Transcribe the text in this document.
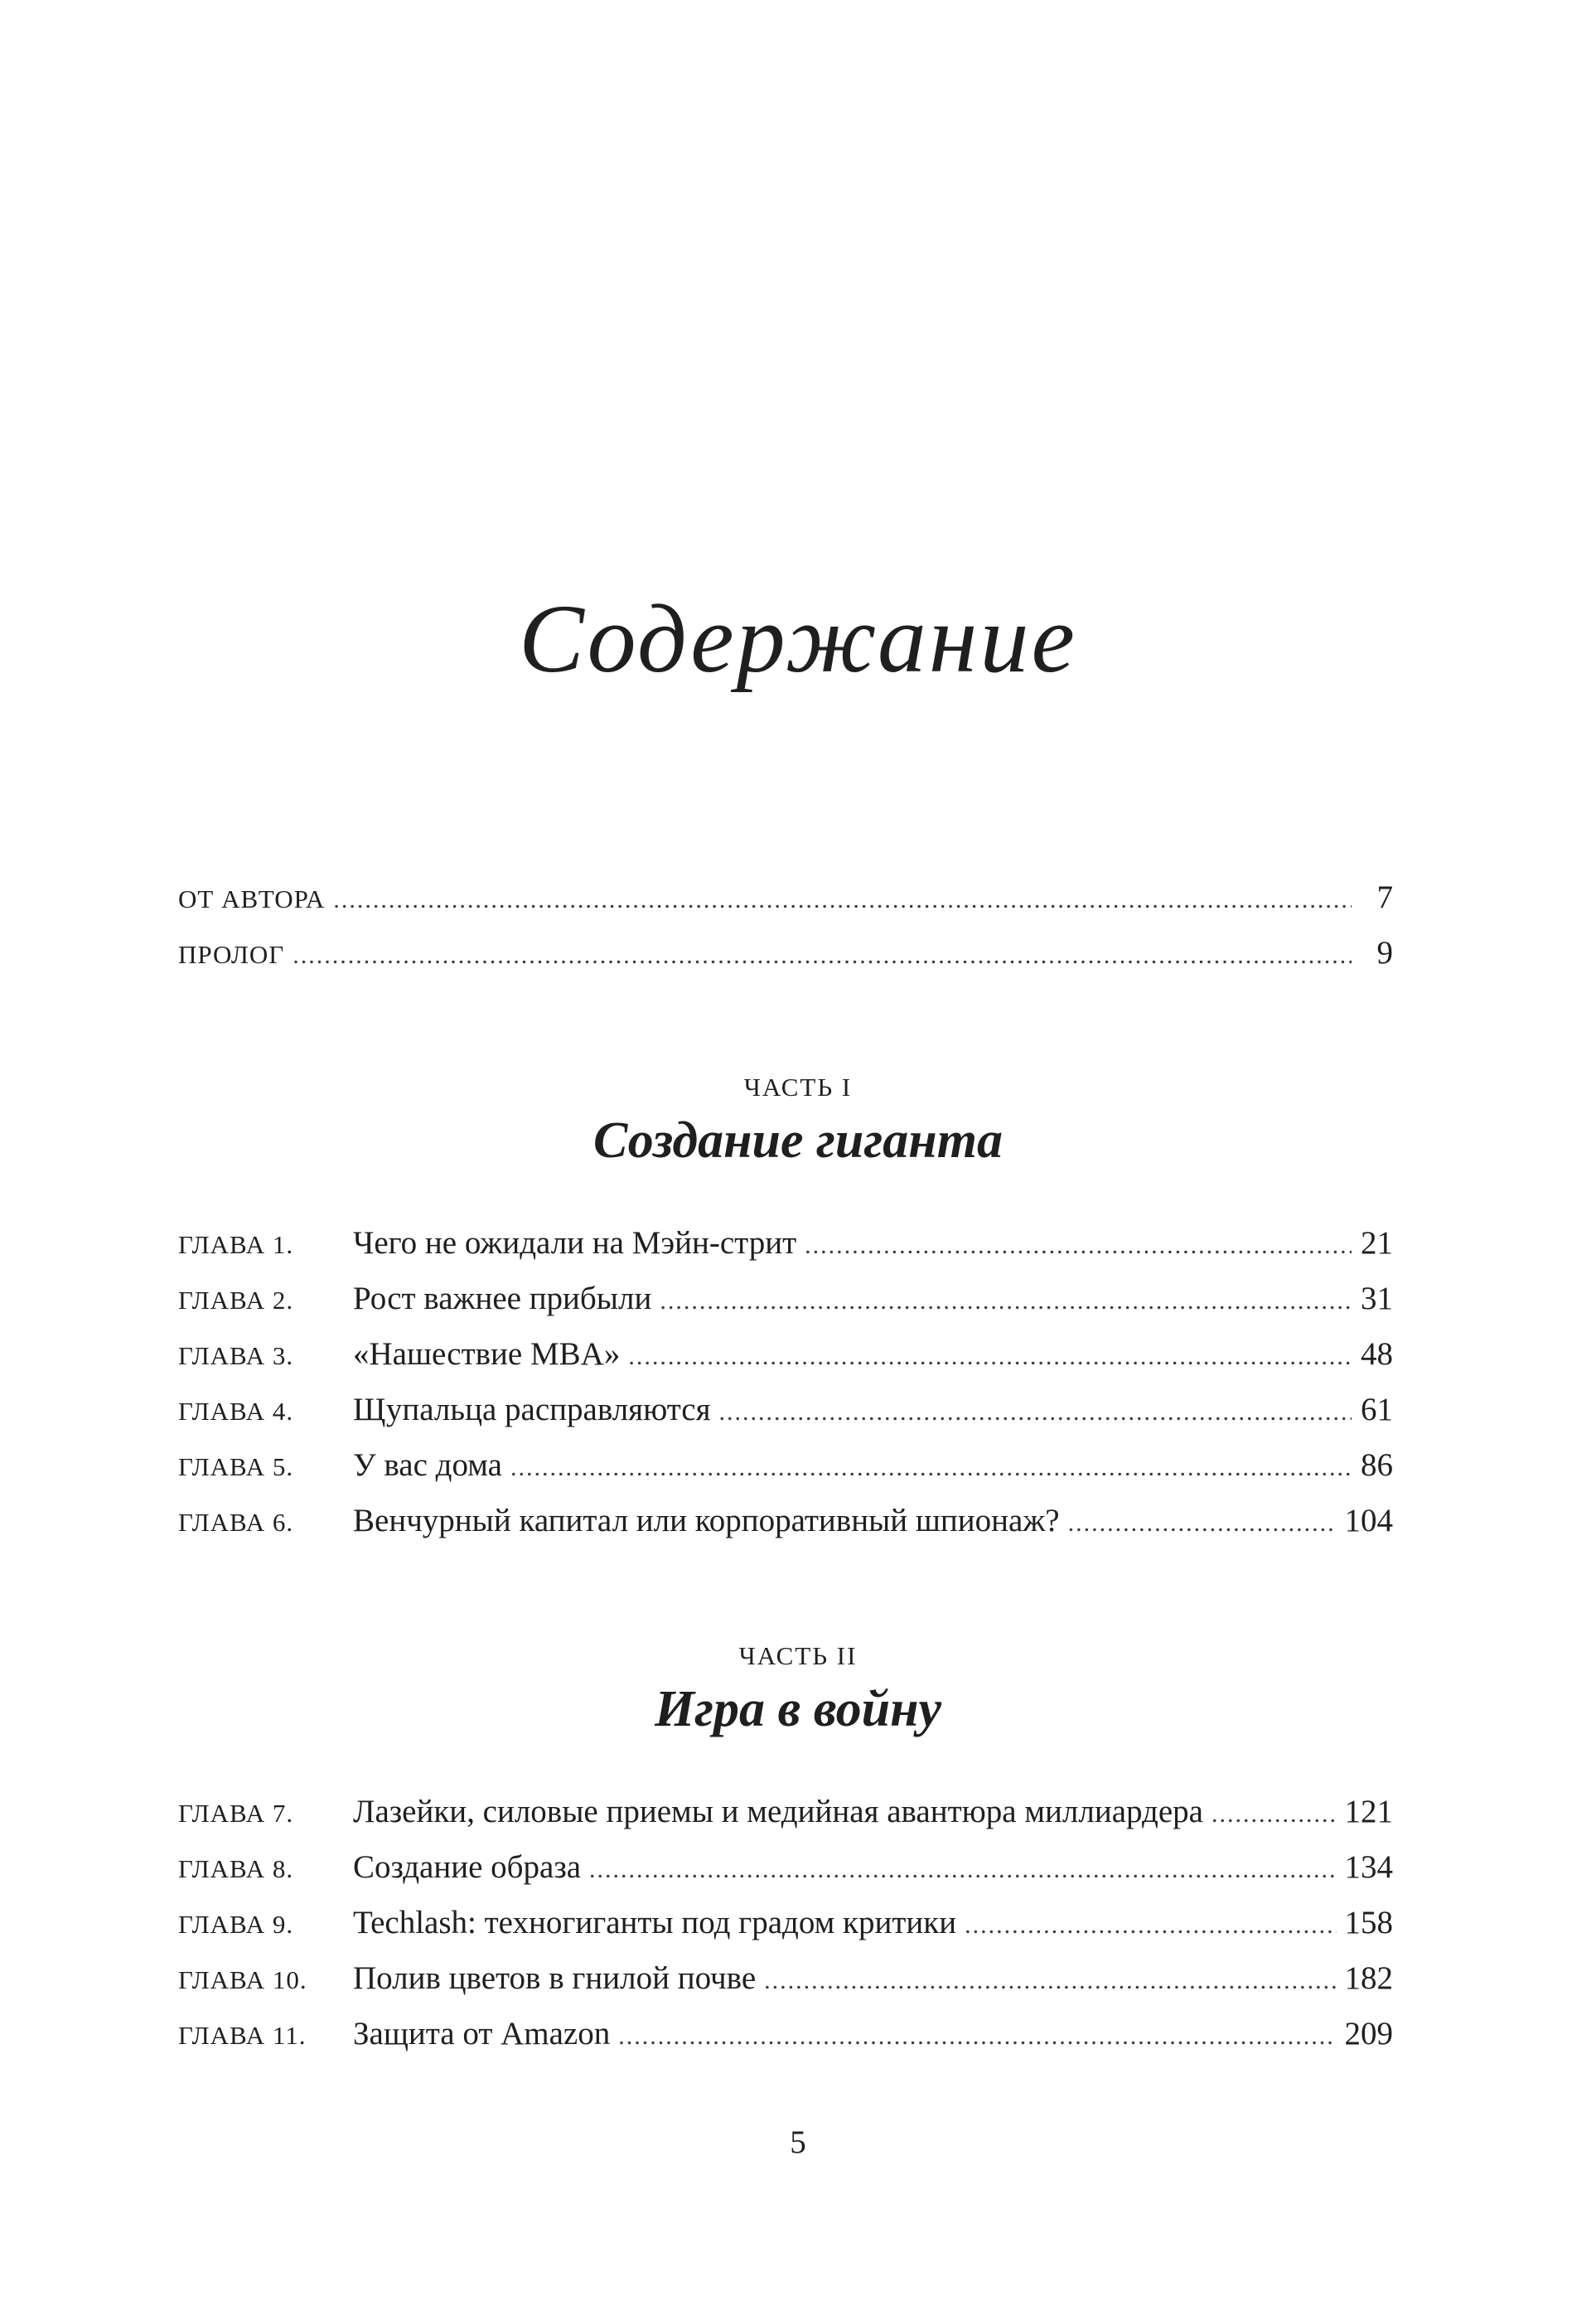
Содержание
ОТ АВТОРА .....	7
ПРОЛОГ .....	9
ЧАСТЬ I
Создание гиганта
ГЛАВА 1.	Чего не ожидали на Мэйн-стрит .....	21
ГЛАВА 2.	Рост важнее прибыли .....	31
ГЛАВА 3.	«Нашествие MBA» .....	48
ГЛАВА 4.	Щупальца расправляются .....	61
ГЛАВА 5.	У вас дома .....	86
ГЛАВА 6.	Венчурный капитал или корпоративный шпионаж? .....	104
ЧАСТЬ II
Игра в войну
ГЛАВА 7.	Лазейки, силовые приемы и медийная авантюра миллиардера .....	121
ГЛАВА 8.	Создание образа .....	134
ГЛАВА 9.	Techlash: техногиганты под градом критики .....	158
ГЛАВА 10.	Полив цветов в гнилой почве .....	182
ГЛАВА 11.	Защита от Amazon .....	209
5
